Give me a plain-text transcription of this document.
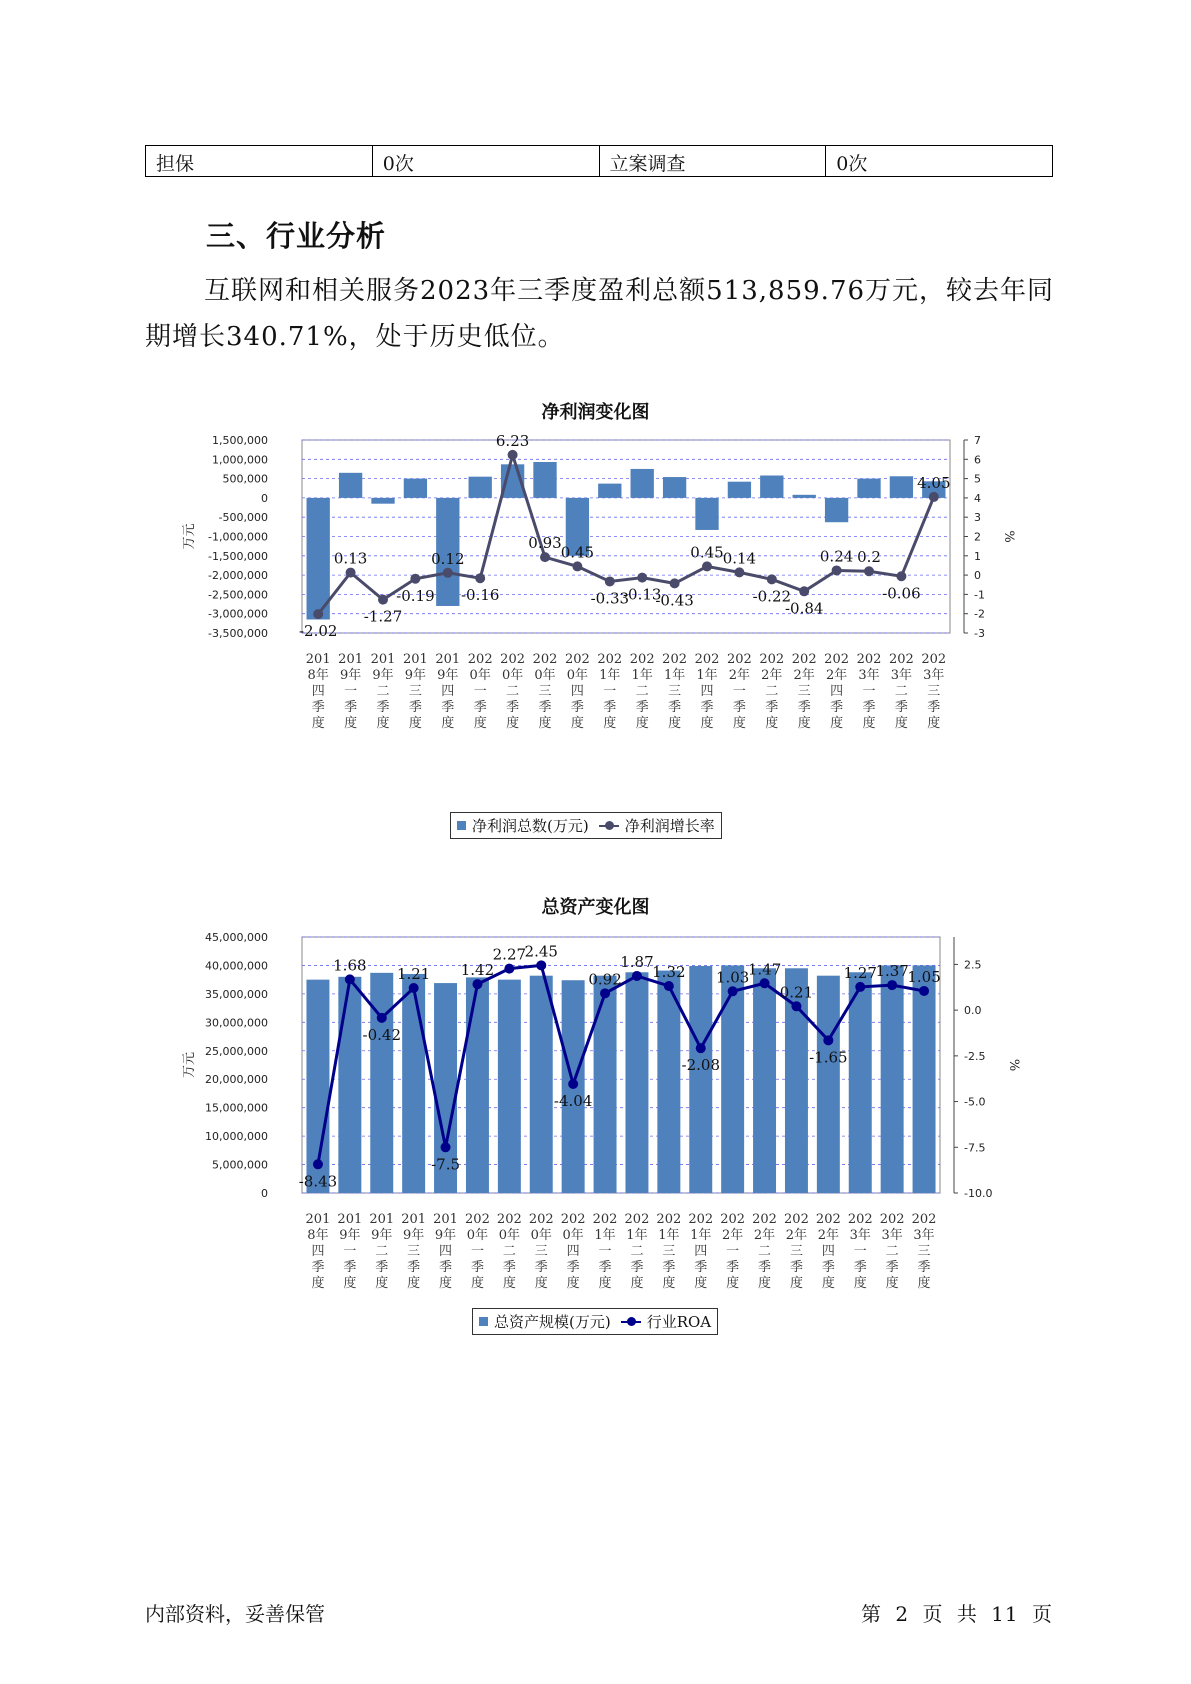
担保	0次	立案调查	0次
三、行业分析

互联网和相关服务2023年三季度盈利总额513,859.76万元，较去年同期增长340.71%，处于历史低位。

净利润变化图
1,500,000
1,000,000
500,000
0
-500,000
-1,000,000
-1,500,000
-2,000,000
-2,500,000
-3,000,000
-3,500,000
7
6
5
4
3
2
1
0
-1
-2
-3
万元	%
-2.02
0.13
-1.27
-0.19
0.12
-0.16
6.23
0.93
0.45
-0.33
-0.13
-0.43
0.45
0.14
-0.22
-0.84
0.24 0.2
-0.06
4.05
201
8年
四
季
度
201
9年
一
季
度
201
9年
二
季
度
201
9年
三
季
度
201
9年
四
季
度
202
0年
一
季
度
202
0年
二
季
度
202
0年
三
季
度
202
0年
四
季
度
202
1年
一
季
度
202
1年
二
季
度
202
1年
三
季
度
202
1年
四
季
度
202
2年
一
季
度
202
2年
二
季
度
202
2年
三
季
度
202
2年
四
季
度
202
3年
一
季
度
202
3年
二
季
度
202
3年
三
季
度
净利润总数(万元) 净利润增长率
总资产变化图
45,000,000
40,000,000
35,000,000
30,000,000
25,000,000
20,000,000
15,000,000
10,000,000
5,000,000
0
2.5
0.0
-2.5
-5.0
-7.5
-10.0
万元	%
-8.43
1.68
-0.42
1.21
-7.5
1.42
2.27
2.45
-4.04
0.92
1.87
1.32
-2.08
1.03
1.47
0.21
-1.65
1.27
1.37
1.05
201
8年
四
季
度
201
9年
一
季
度
201
9年
二
季
度
201
9年
三
季
度
201
9年
四
季
度
202
0年
一
季
度
202
0年
二
季
度
202
0年
三
季
度
202
0年
四
季
度
202
1年
一
季
度
202
1年
二
季
度
202
1年
三
季
度
202
1年
四
季
度
202
2年
一
季
度
202
2年
二
季
度
202
2年
三
季
度
202
2年
四
季
度
202
3年
一
季
度
202
3年
二
季
度
202
3年
三
季
度
总资产规模(万元) 行业ROA
内部资料，妥善保管	第 2 页 共 11 页
